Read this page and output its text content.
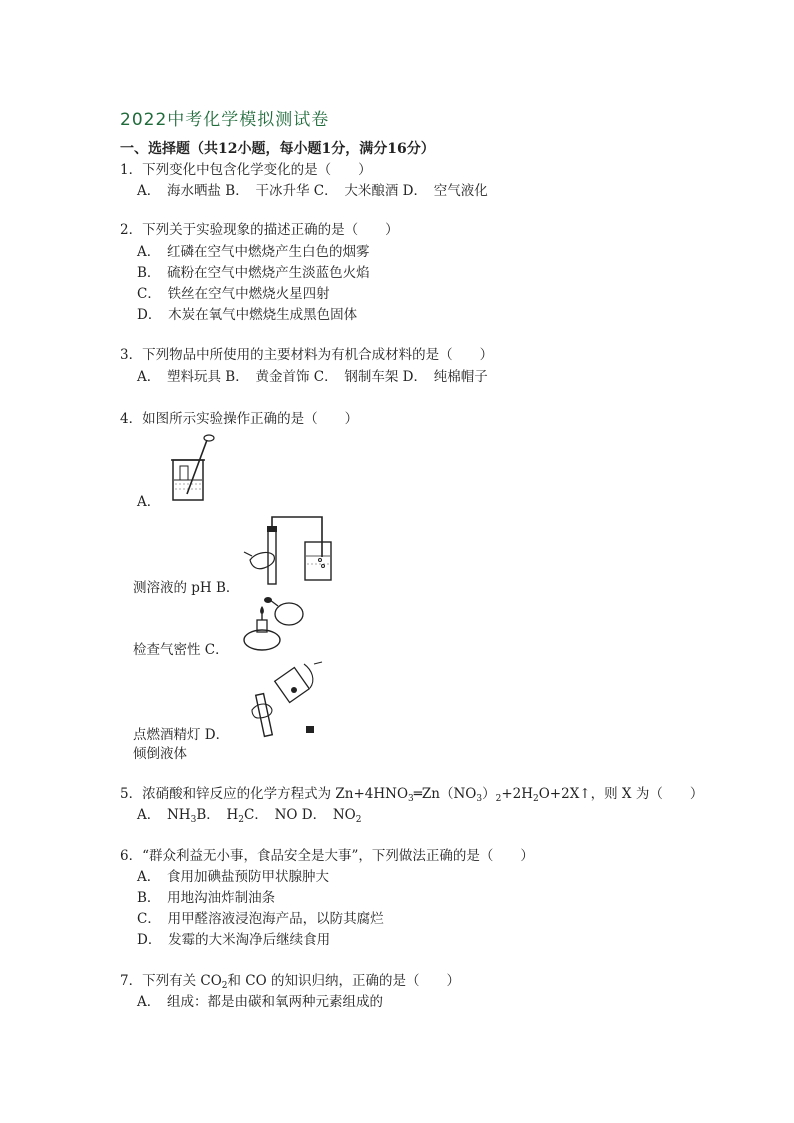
2022中考化学模拟测试卷
一、选择题（共12小题，每小题1分，满分16分）
1．下列变化中包含化学变化的是（　　）
A．　海水晒盐 B．　干冰升华 C．　大米酿酒 D．　空气液化
2．下列关于实验现象的描述正确的是（　　）
A．　红磷在空气中燃烧产生白色的烟雾
B．　硫粉在空气中燃烧产生淡蓝色火焰
C．　铁丝在空气中燃烧火星四射
D．　木炭在氧气中燃烧生成黑色固体
3．下列物品中所使用的主要材料为有机合成材料的是（　　）
A．　塑料玩具 B．　黄金首饰 C．　钢制车架 D．　纯棉帽子
4．如图所示实验操作正确的是（　　）
A．
测溶液的 pH B．
检查气密性 C．
点燃酒精灯 D．
倾倒液体
5．浓硝酸和锌反应的化学方程式为 $Zn+4HNO_3═Zn(NO_3)_2+2H_2O+2X↑$，则 X 为（　　）
A．　$NH_3B$．　$H_2C$．　NO D．　$NO_2$
6．“群众利益无小事，食品安全是大事”，下列做法正确的是（　　）
A．　食用加碘盐预防甲状腺肿大
B．　用地沟油炸制油条
C．　用甲醛溶液浸泡海产品，以防其腐烂
D．　发霉的大米淘净后继续食用
7．下列有关 $CO_2$和 CO 的知识归纳，正确的是（　　）
A．　组成：都是由碳和氧两种元素组成的
